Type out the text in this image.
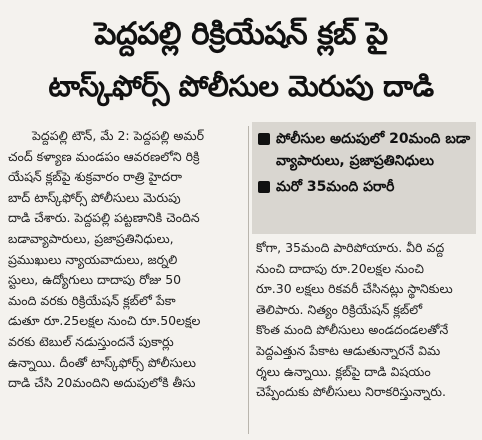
పెద్దపల్లి రిక్రియేషన్ క్లబ్ పై
టాస్క్‌ఫోర్స్ పోలీసుల మెరుపు దాడి
పెద్దపల్లి టౌన్, మే 2: పెద్దపల్లి అమర్
చంద్ కళ్యాణ మండపం ఆవరణలోని రిక్రి
యేషన్ క్లబ్‌పై శుక్రవారం రాత్రి హైదరా
బాద్ టాస్క్‌ఫోర్స్ పోలీసులు మెరుపు
దాడి చేశారు. పెద్దపల్లి పట్టణానికి చెందిన
బడావ్యాపారులు, ప్రజాప్రతినిధులు,
ప్రముఖులు న్యాయవాదులు, జర్నలి
స్టులు, ఉద్యోగులు దాదాపు రోజు 50
మంది వరకు రిక్రియేషన్ క్లబ్‌లో పేకా
డుతూ రూ.25లక్షల నుంచి రూ.50లక్షల
వరకు టెబుల్ నడుస్తుందనే పుకార్లు
ఉన్నాయి. దీంతో టాస్క్‌ఫోర్స్ పోలీసులు
దాడి చేసి 20మందిని అదుపులోకి తీసు
పోలీసుల అదుపులో 20మంది బడా వ్యాపారులు, ప్రజాప్రతినిధులు
మరో 35మంది పరారీ
కోగా, 35మంది పారిపోయారు. వీరి వద్ద
నుంచి దాదాపు రూ.20లక్షల నుంచి
రూ.30 లక్షలు రికవరీ చేసినట్లు స్థానికులు
తెలిపారు. నిత్యం రిక్రియేషన్ క్లబ్‌లో
కొంత మంది పోలీసులు అండదండలతోనే
పెద్దఎత్తున పేకాట ఆడుతున్నారనే విమ
ర్శలు ఉన్నాయి. క్లబ్‌పై దాడి విషయం
చెప్పేందుకు పోలీసులు నిరాకరిస్తున్నారు.
